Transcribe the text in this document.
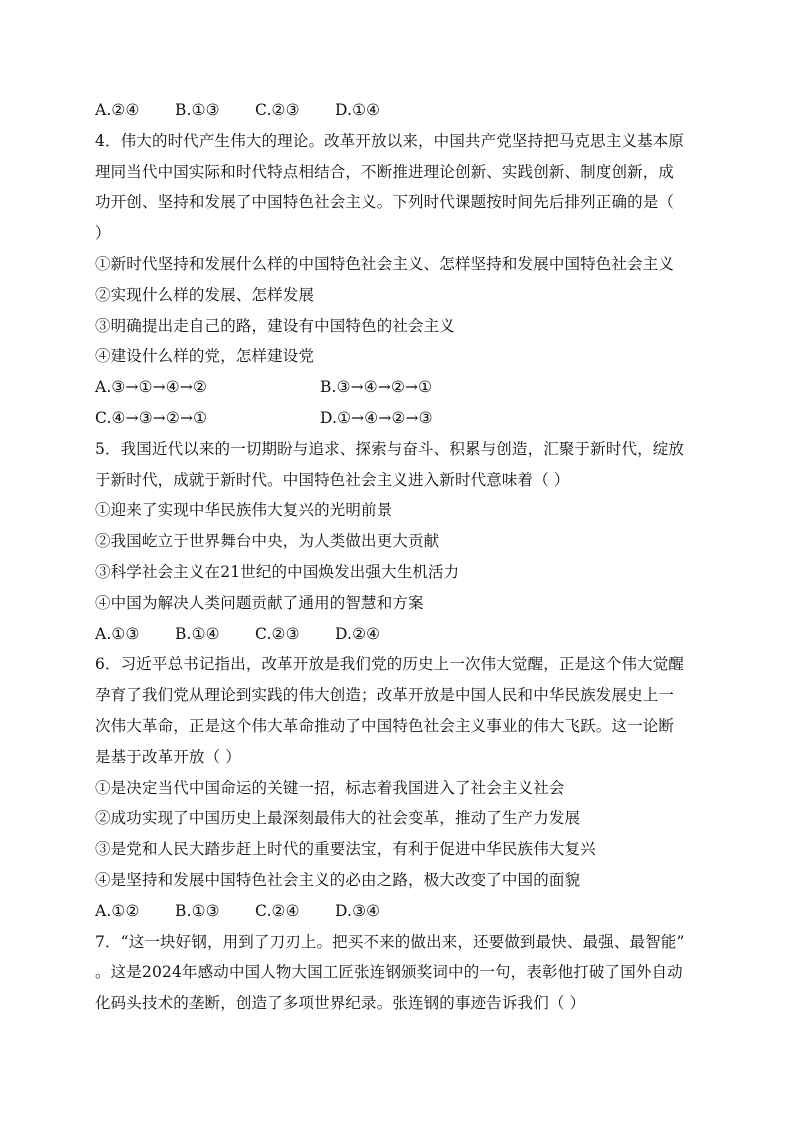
A.②④ B.①③ C.②③ D.①④
4．伟大的时代产生伟大的理论。改革开放以来，中国共产党坚持把马克思主义基本原
理同当代中国实际和时代特点相结合，不断推进理论创新、实践创新、制度创新，成
功开创、坚持和发展了中国特色社会主义。下列时代课题按时间先后排列正确的是（
）
①新时代坚持和发展什么样的中国特色社会主义、怎样坚持和发展中国特色社会主义
②实现什么样的发展、怎样发展
③明确提出走自己的路，建设有中国特色的社会主义
④建设什么样的党，怎样建设党
A.③→①→④→②	B.③→④→②→①
C.④→③→②→①	D.①→④→②→③
5．我国近代以来的一切期盼与追求、探索与奋斗、积累与创造，汇聚于新时代，绽放
于新时代，成就于新时代。中国特色社会主义进入新时代意味着（ ）
①迎来了实现中华民族伟大复兴的光明前景
②我国屹立于世界舞台中央，为人类做出更大贡献
③科学社会主义在21世纪的中国焕发出强大生机活力
④中国为解决人类问题贡献了通用的智慧和方案
A.①③ B.①④ C.②③ D.②④
6．习近平总书记指出，改革开放是我们党的历史上一次伟大觉醒，正是这个伟大觉醒
孕育了我们党从理论到实践的伟大创造；改革开放是中国人民和中华民族发展史上一
次伟大革命，正是这个伟大革命推动了中国特色社会主义事业的伟大飞跃。这一论断
是基于改革开放（ ）
①是决定当代中国命运的关键一招，标志着我国进入了社会主义社会
②成功实现了中国历史上最深刻最伟大的社会变革，推动了生产力发展
③是党和人民大踏步赶上时代的重要法宝，有利于促进中华民族伟大复兴
④是坚持和发展中国特色社会主义的必由之路，极大改变了中国的面貌
A.①② B.①③ C.②④ D.③④
7．“这一块好钢，用到了刀刃上。把买不来的做出来，还要做到最快、最强、最智能”
。这是2024年感动中国人物大国工匠张连钢颁奖词中的一句，表彰他打破了国外自动
化码头技术的垄断，创造了多项世界纪录。张连钢的事迹告诉我们（ ）
